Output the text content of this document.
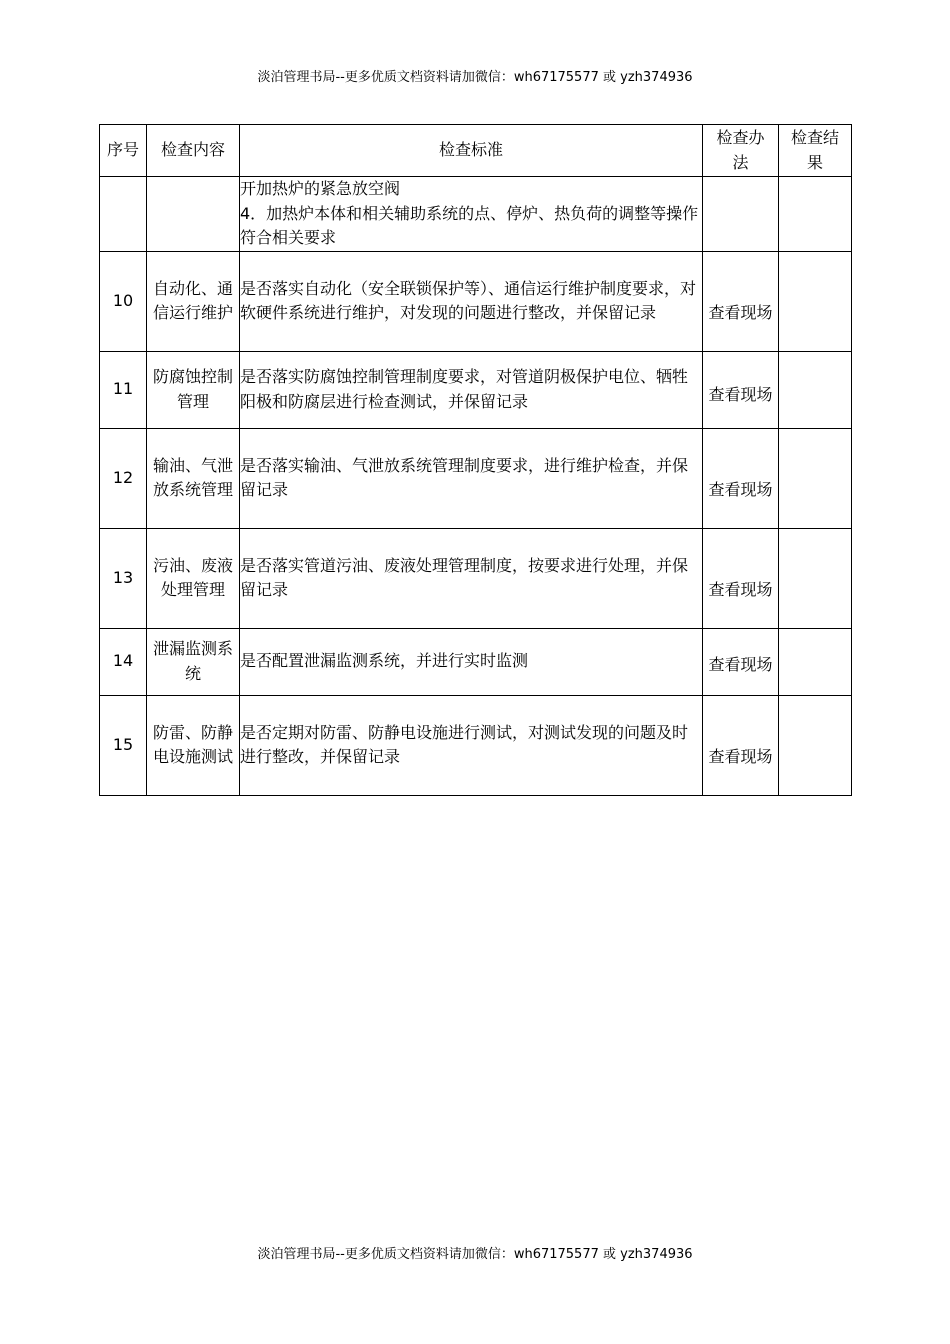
淡泊管理书局--更多优质文档资料请加微信：wh67175577 或 yzh374936
序号	检查内容	检查标准	检查办法	检查结果

		开加热炉的紧急放空阀
4．加热炉本体和相关辅助系统的点、停炉、热负荷的调整等操作符合相关要求		

10	自动化、通信运行维护	是否落实自动化（安全联锁保护等）、通信运行维护制度要求，对软硬件系统进行维护，对发现的问题进行整改，并保留记录	查看现场	
11	防腐蚀控制管理	是否落实防腐蚀控制管理制度要求，对管道阴极保护电位、牺牲阳极和防腐层进行检查测试，并保留记录	查看现场	
12	输油、气泄放系统管理	是否落实输油、气泄放系统管理制度要求，进行维护检查，并保留记录	查看现场	
13	污油、废液处理管理	是否落实管道污油、废液处理管理制度，按要求进行处理，并保留记录	查看现场	
14	泄漏监测系统	是否配置泄漏监测系统，并进行实时监测	查看现场	
15	防雷、防静电设施测试	是否定期对防雷、防静电设施进行测试，对测试发现的问题及时进行整改，并保留记录	查看现场	
淡泊管理书局--更多优质文档资料请加微信：wh67175577 或 yzh374936
